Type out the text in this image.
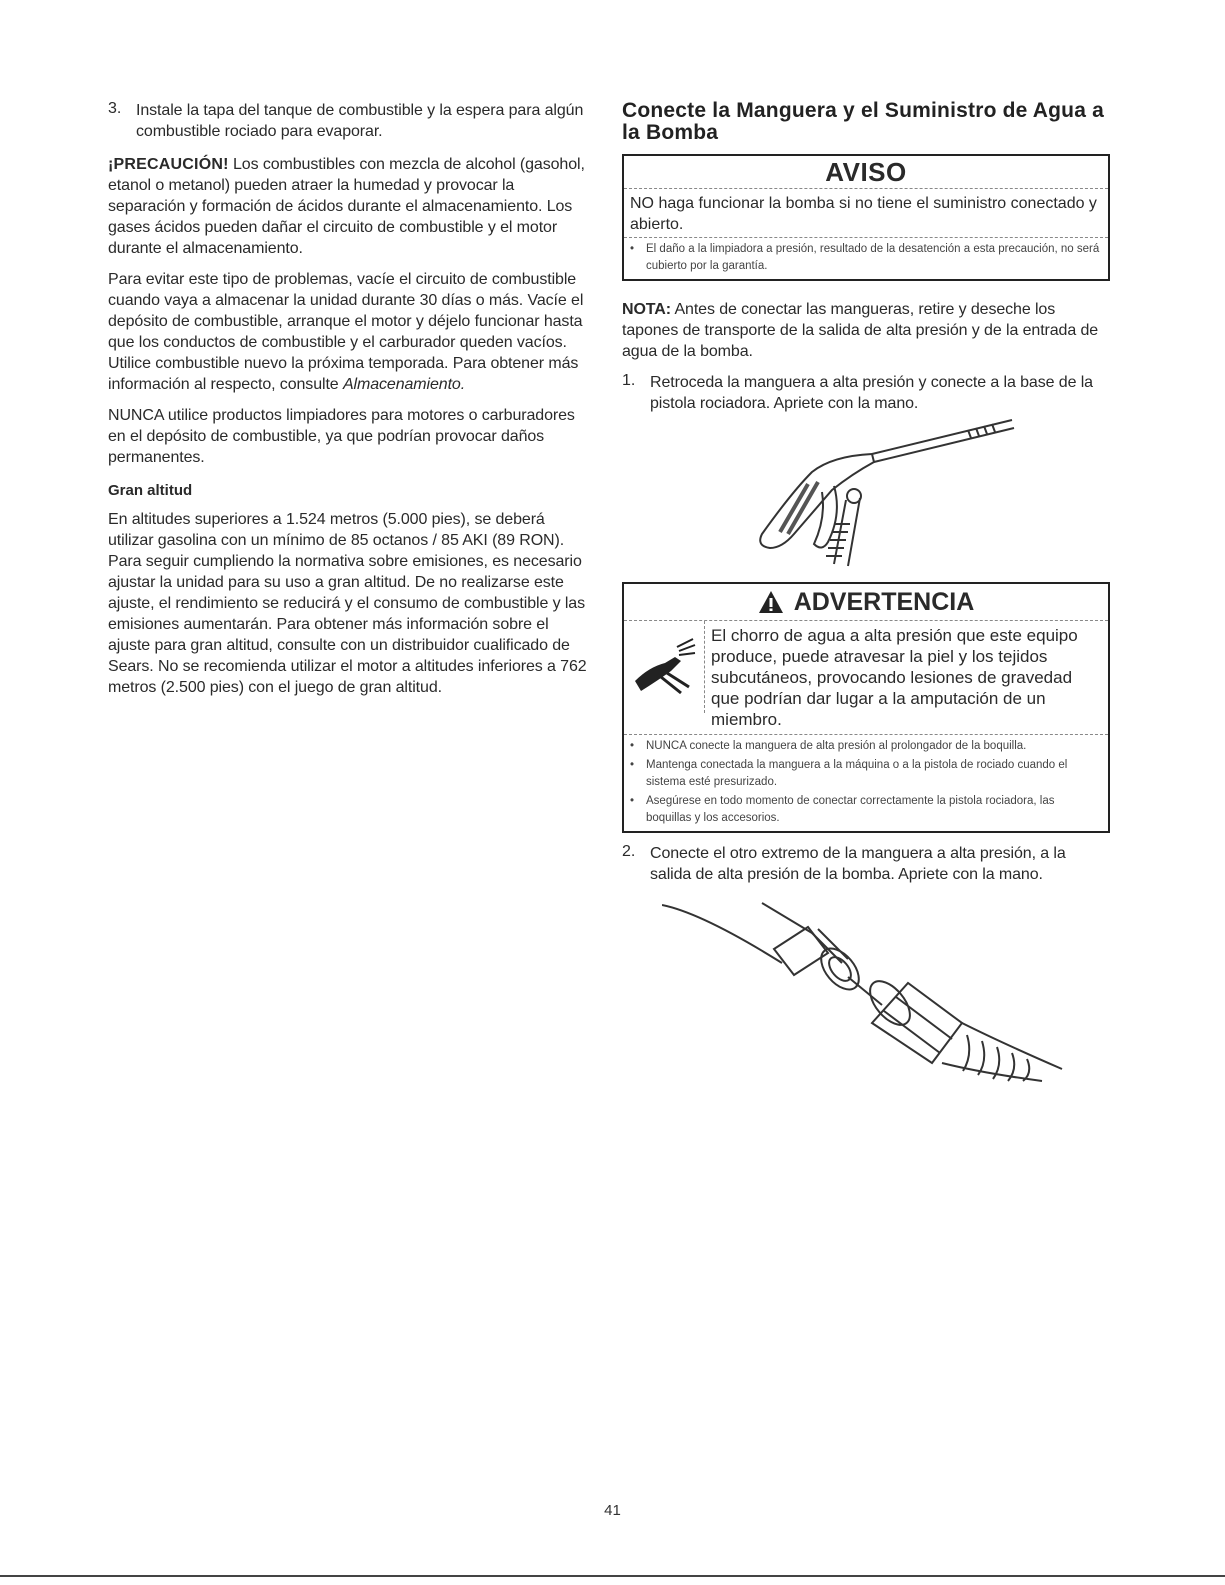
3. Instale la tapa del tanque de combustible y la espera para algún combustible rociado para evaporar.

¡PRECAUCIÓN! Los combustibles con mezcla de alcohol (gasohol, etanol o metanol) pueden atraer la humedad y provocar la separación y formación de ácidos durante el almacenamiento. Los gases ácidos pueden dañar el circuito de combustible y el motor durante el almacenamiento.

Para evitar este tipo de problemas, vacíe el circuito de combustible cuando vaya a almacenar la unidad durante 30 días o más. Vacíe el depósito de combustible, arranque el motor y déjelo funcionar hasta que los conductos de combustible y el carburador queden vacíos. Utilice combustible nuevo la próxima temporada. Para obtener más información al respecto, consulte Almacenamiento.

NUNCA utilice productos limpiadores para motores o carburadores en el depósito de combustible, ya que podrían provocar daños permanentes.

Gran altitud

En altitudes superiores a 1.524 metros (5.000 pies), se deberá utilizar gasolina con un mínimo de 85 octanos / 85 AKI (89 RON). Para seguir cumpliendo la normativa sobre emisiones, es necesario ajustar la unidad para su uso a gran altitud. De no realizarse este ajuste, el rendimiento se reducirá y el consumo de combustible y las emisiones aumentarán. Para obtener más información sobre el ajuste para gran altitud, consulte con un distribuidor cualificado de Sears. No se recomienda utilizar el motor a altitudes inferiores a 762 metros (2.500 pies) con el juego de gran altitud.

Conecte la Manguera y el Suministro de Agua a la Bomba
AVISO
NO haga funcionar la bomba si no tiene el suministro conectado y abierto.
•	El daño a la limpiadora a presión, resultado de la desatención a esta precaución, no será cubierto por la garantía.

NOTA: Antes de conectar las mangueras, retire y deseche los tapones de transporte de la salida de alta presión y de la entrada de agua de la bomba.

1. Retroceda la manguera a alta presión y conecte a la base de la pistola rociadora. Apriete con la mano.

ADVERTENCIA
El chorro de agua a alta presión que este equipo produce, puede atravesar la piel y los tejidos subcutáneos, provocando lesiones de gravedad que podrían dar lugar a la amputación de un miembro.
•	NUNCA conecte la manguera de alta presión al prolongador de la boquilla.
•	Mantenga conectada la manguera a la máquina o a la pistola de rociado cuando el sistema esté presurizado.
•	Asegúrese en todo momento de conectar correctamente la pistola rociadora, las boquillas y los accesorios.
2. Conecte el otro extremo de la manguera a alta presión, a la salida de alta presión de la bomba. Apriete con la mano.

41
